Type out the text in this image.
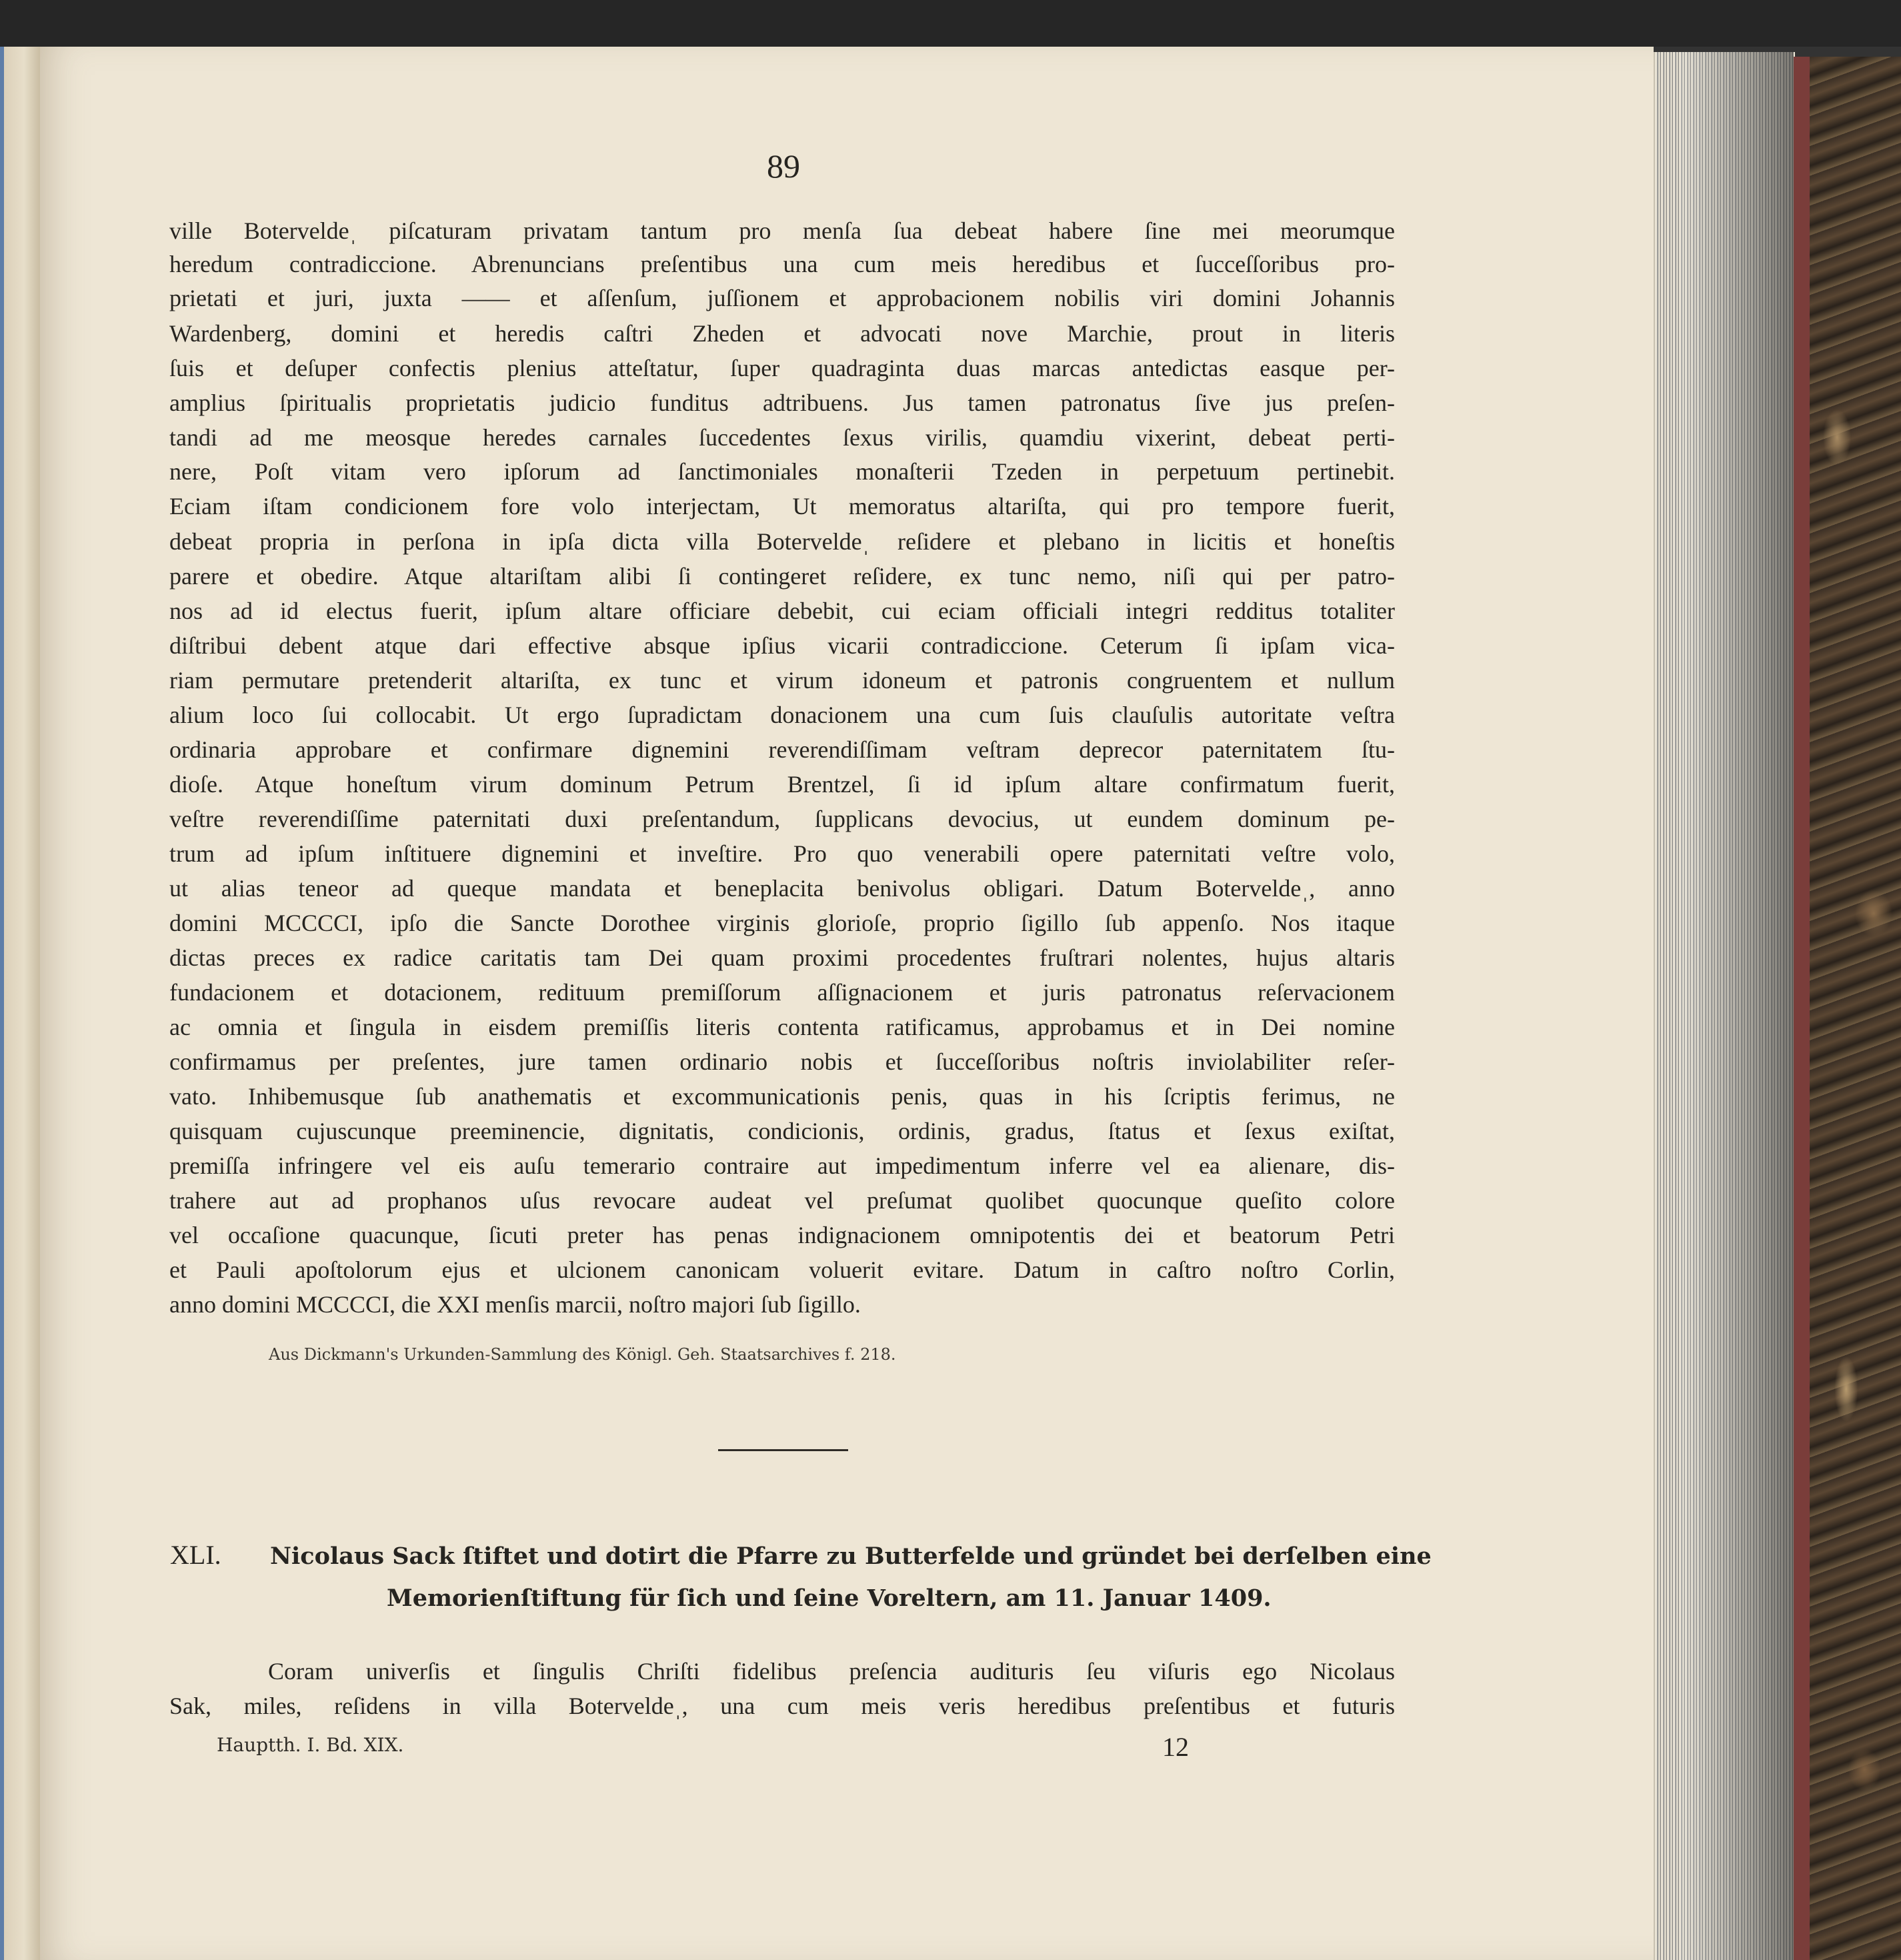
89
ville Boterveldeˌ piſcaturam privatam tantum pro menſa ſua debeat habere ſine mei meorumque
heredum contradiccione. Abrenuncians preſentibus una cum meis heredibus et ſucceſſoribus pro-
prietati et juri, juxta —— et aſſenſum, juſſionem et approbacionem nobilis viri domini Johannis
Wardenberg, domini et heredis caſtri Zheden et advocati nove Marchie, prout in literis
ſuis et deſuper confectis plenius atteſtatur, ſuper quadraginta duas marcas antedictas easque per-
amplius ſpiritualis proprietatis judicio funditus adtribuens. Jus tamen patronatus ſive jus preſen-
tandi ad me meosque heredes carnales ſuccedentes ſexus virilis, quamdiu vixerint, debeat perti-
nere, Poſt vitam vero ipſorum ad ſanctimoniales monaſterii Tzeden in perpetuum pertinebit.
Eciam iſtam condicionem fore volo interjectam, Ut memoratus altariſta, qui pro tempore fuerit,
debeat propria in perſona in ipſa dicta villa Boterveldeˌ reſidere et plebano in licitis et honeſtis
parere et obedire. Atque altariſtam alibi ſi contingeret reſidere, ex tunc nemo, niſi qui per patro-
nos ad id electus fuerit, ipſum altare officiare debebit, cui eciam officiali integri redditus totaliter
diſtribui debent atque dari effective absque ipſius vicarii contradiccione. Ceterum ſi ipſam vica-
riam permutare pretenderit altariſta, ex tunc et virum idoneum et patronis congruentem et nullum
alium loco ſui collocabit. Ut ergo ſupradictam donacionem una cum ſuis clauſulis autoritate veſtra
ordinaria approbare et confirmare dignemini reverendiſſimam veſtram deprecor paternitatem ſtu-
dioſe. Atque honeſtum virum dominum Petrum Brentzel, ſi id ipſum altare confirmatum fuerit,
veſtre reverendiſſime paternitati duxi preſentandum, ſupplicans devocius, ut eundem dominum pe-
trum ad ipſum inſtituere dignemini et inveſtire. Pro quo venerabili opere paternitati veſtre volo,
ut alias teneor ad queque mandata et beneplacita benivolus obligari. Datum Boterveldeˌ, anno
domini MCCCCI, ipſo die Sancte Dorothee virginis glorioſe, proprio ſigillo ſub appenſo. Nos itaque
dictas preces ex radice caritatis tam Dei quam proximi procedentes fruſtrari nolentes, hujus altaris
fundacionem et dotacionem, redituum premiſſorum aſſignacionem et juris patronatus reſervacionem
ac omnia et ſingula in eisdem premiſſis literis contenta ratificamus, approbamus et in Dei nomine
confirmamus per preſentes, jure tamen ordinario nobis et ſucceſſoribus noſtris inviolabiliter reſer-
vato. Inhibemusque ſub anathematis et excommunicationis penis, quas in his ſcriptis ferimus, ne
quisquam cujuscunque preeminencie, dignitatis, condicionis, ordinis, gradus, ſtatus et ſexus exiſtat,
premiſſa infringere vel eis auſu temerario contraire aut impedimentum inferre vel ea alienare, dis-
trahere aut ad prophanos uſus revocare audeat vel preſumat quolibet quocunque queſito colore
vel occaſione quacunque, ſicuti preter has penas indignacionem omnipotentis dei et beatorum Petri
et Pauli apoſtolorum ejus et ulcionem canonicam voluerit evitare. Datum in caſtro noſtro Corlin,
anno domini MCCCCI, die XXI menſis marcii, noſtro majori ſub ſigillo.
Aus Dickmann's Urkunden-Sammlung des Königl. Geh. Staatsarchives f. 218.
XLI. Nicolaus Sack ſtiftet und dotirt die Pfarre zu Butterfelde und gründet bei derſelben eine
Memorienſtiftung für ſich und ſeine Voreltern, am 11. Januar 1409.
Coram univerſis et ſingulis Chriſti fidelibus preſencia audituris ſeu viſuris ego Nicolaus
Sak, miles, reſidens in villa Boterveldeˌ, una cum meis veris heredibus preſentibus et futuris
Hauptth. I. Bd. XIX.	12
